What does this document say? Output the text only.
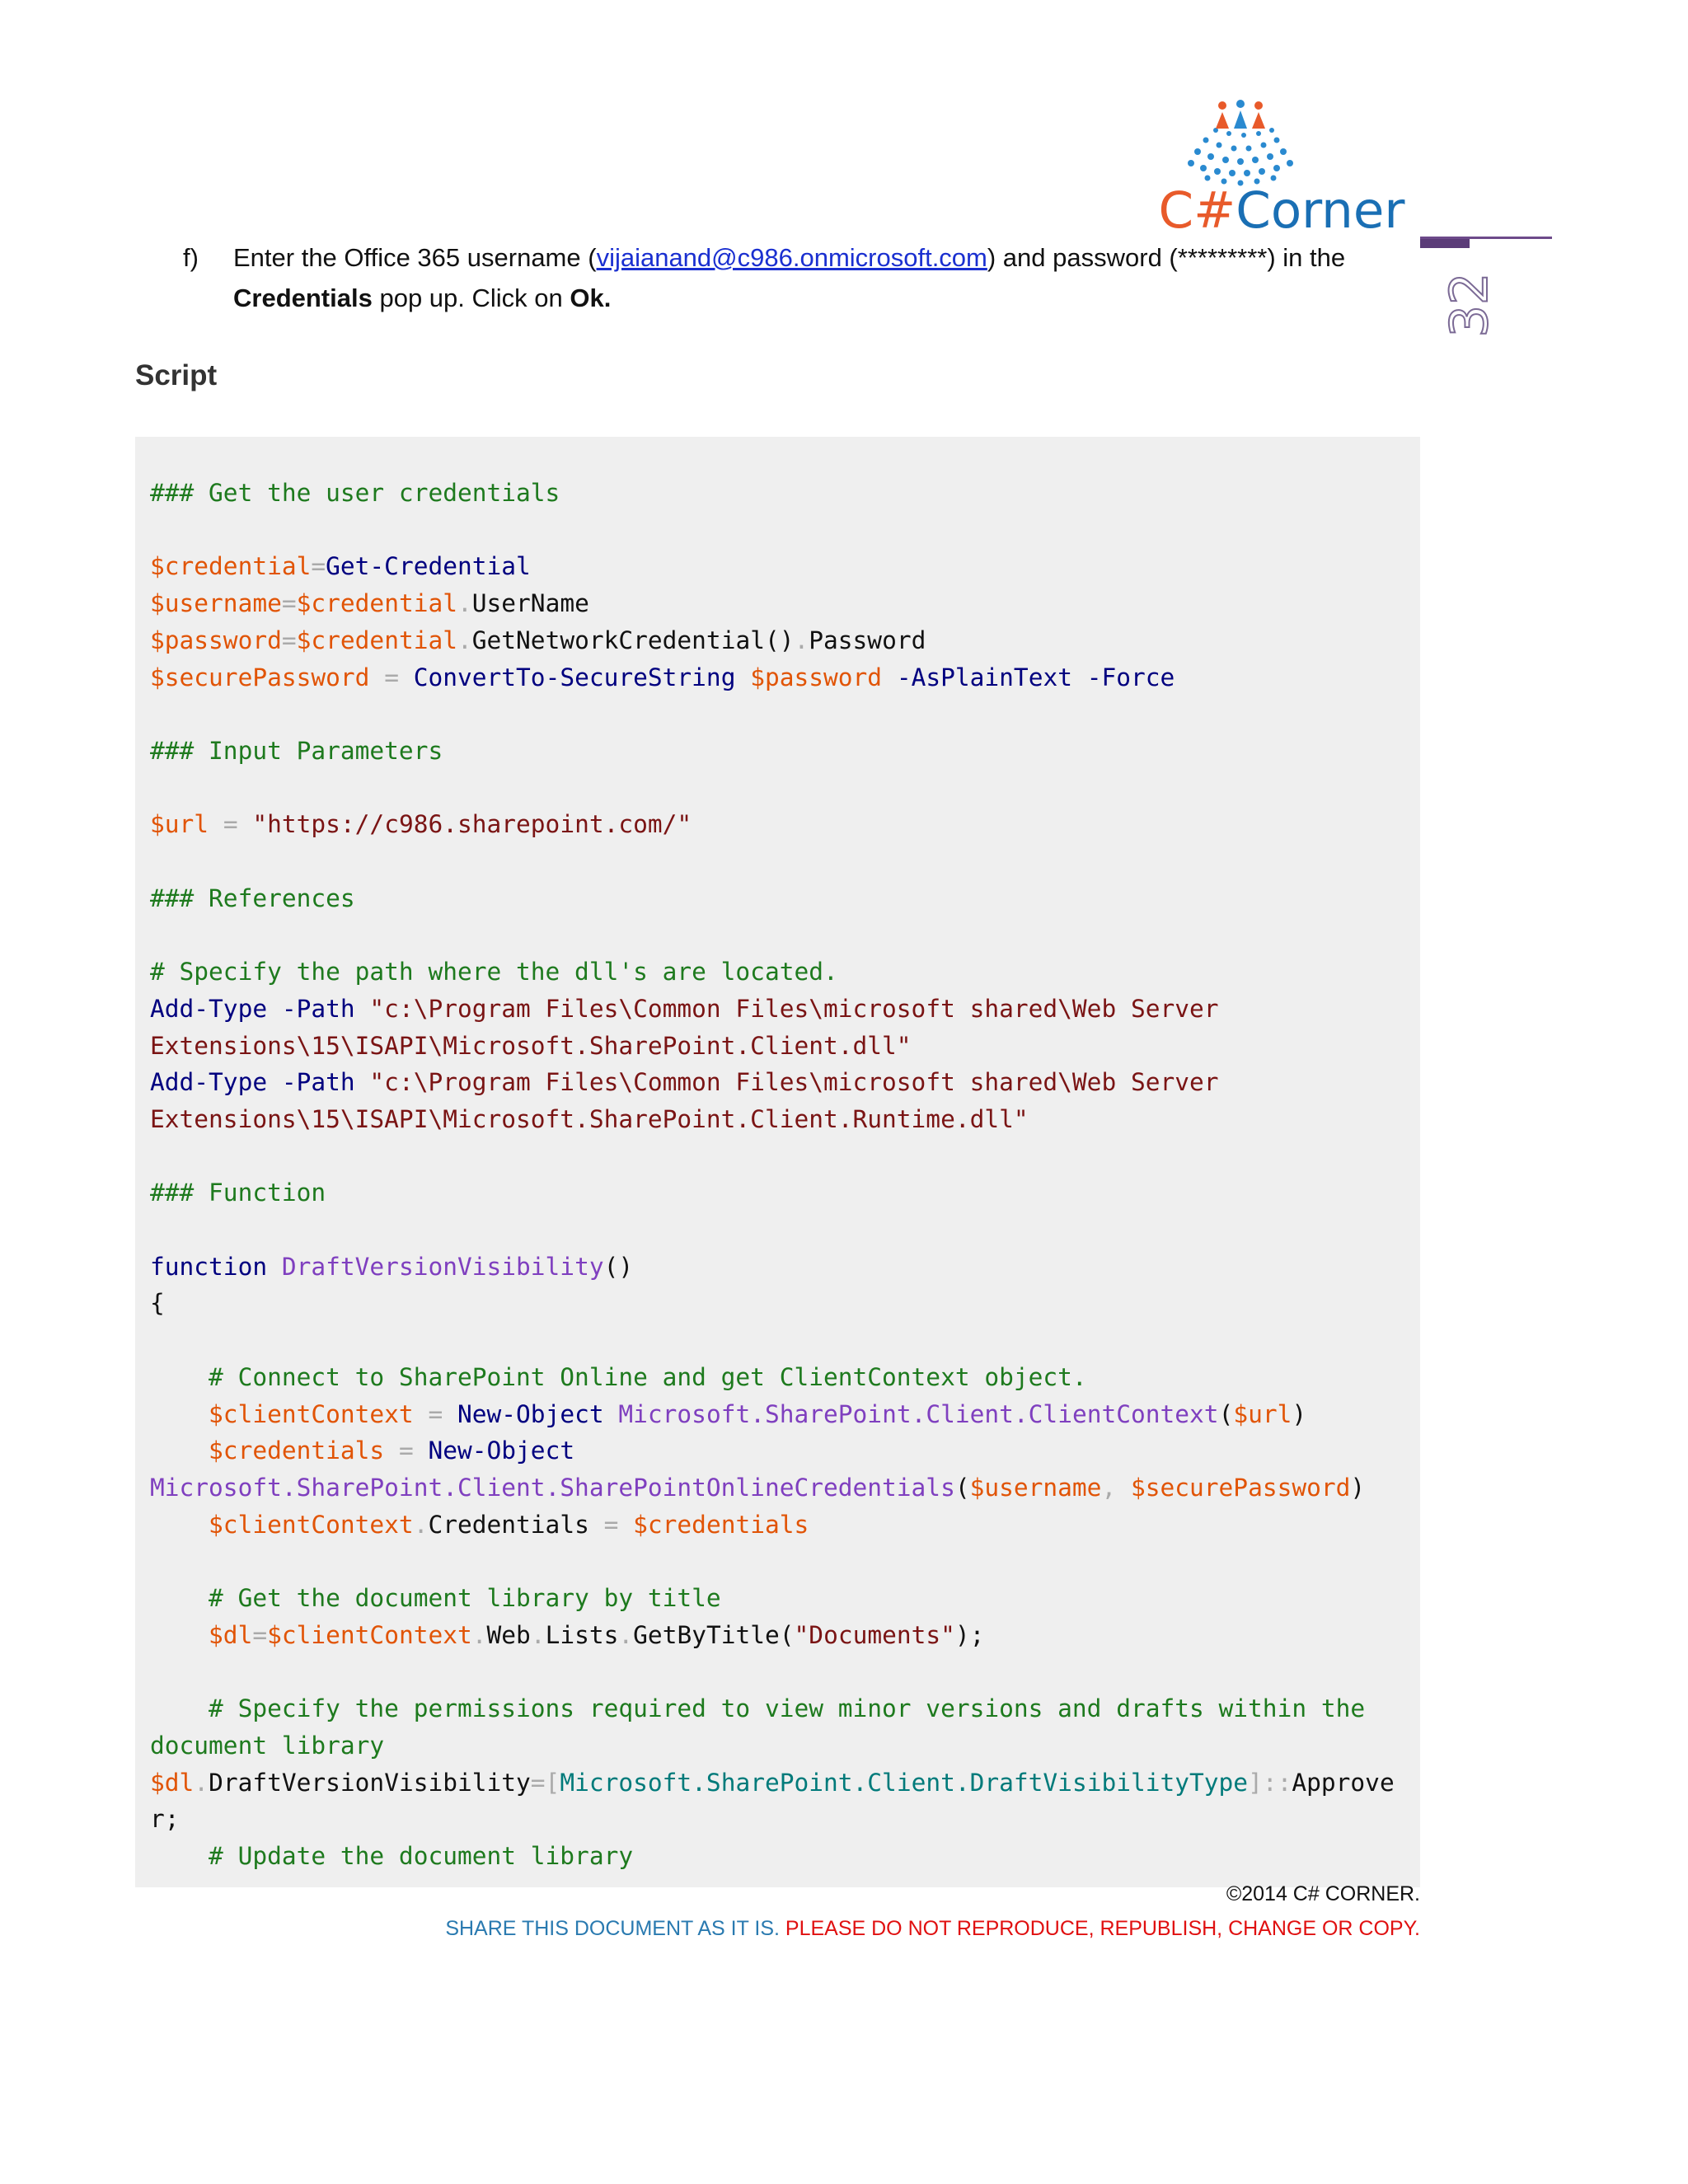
C#Corner
32
f) Enter the Office 365 username (vijaianand@c986.onmicrosoft.com) and password (*********) in the Credentials pop up. Click on Ok.
Script
### Get the user credentials

$credential=Get-Credential
$username=$credential.UserName
$password=$credential.GetNetworkCredential().Password
$securePassword = ConvertTo-SecureString $password -AsPlainText -Force

### Input Parameters

$url = "https://c986.sharepoint.com/"

### References

# Specify the path where the dll's are located.
Add-Type -Path "c:\Program Files\Common Files\microsoft shared\Web Server
Extensions\15\ISAPI\Microsoft.SharePoint.Client.dll"
Add-Type -Path "c:\Program Files\Common Files\microsoft shared\Web Server
Extensions\15\ISAPI\Microsoft.SharePoint.Client.Runtime.dll"

### Function

function DraftVersionVisibility()
{

# Connect to SharePoint Online and get ClientContext object.
$clientContext = New-Object Microsoft.SharePoint.Client.ClientContext($url)
$credentials = New-Object
Microsoft.SharePoint.Client.SharePointOnlineCredentials($username, $securePassword)
$clientContext.Credentials = $credentials

# Get the document library by title
$dl=$clientContext.Web.Lists.GetByTitle("Documents");

# Specify the permissions required to view minor versions and drafts within the
document library
$dl.DraftVersionVisibility=[Microsoft.SharePoint.Client.DraftVisibilityType]::Approve
r;
# Update the document library
©2014 C# CORNER.
SHARE THIS DOCUMENT AS IT IS. PLEASE DO NOT REPRODUCE, REPUBLISH, CHANGE OR COPY.
